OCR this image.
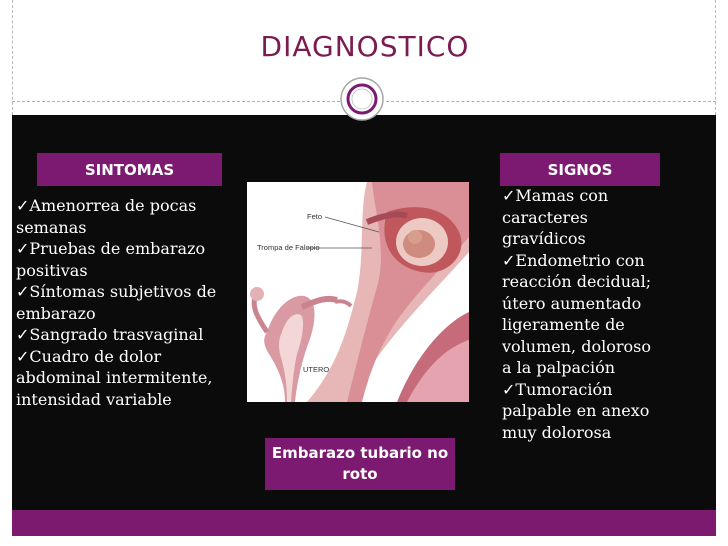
DIAGNOSTICO
SINTOMAS	SIGNOS
✓Amenorrea de pocas semanas
✓Pruebas de embarazo positivas
✓Síntomas subjetivos de embarazo
✓Sangrado trasvaginal
✓Cuadro de dolor abdominal intermitente, intensidad variable
✓Mamas con caracteres gravídicos
✓Endometrio con reacción decidual; útero aumentado ligeramente de volumen, doloroso a la palpación
✓Tumoración palpable en anexo muy dolorosa
Feto
Trompa de Falopio
UTERO
Embarazo tubario no roto
